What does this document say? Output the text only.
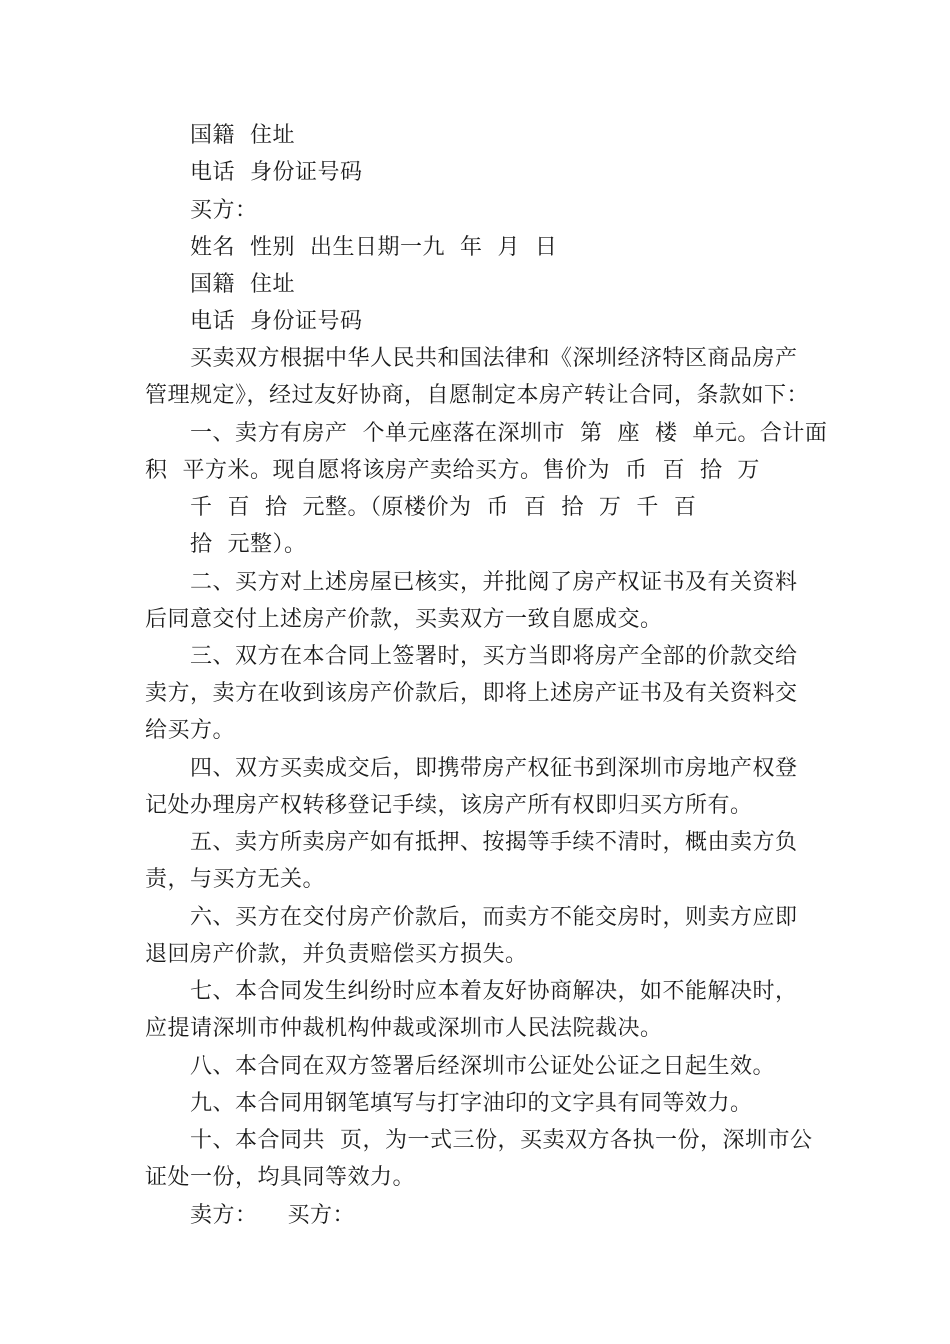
国籍  住址

电话  身份证号码

买方：

姓名  性别  出生日期一九  年  月  日

国籍  住址

电话  身份证号码

买卖双方根据中华人民共和国法律和《深圳经济特区商品房产

管理规定》，经过友好协商，自愿制定本房产转让合同，条款如下：

一、卖方有房产  个单元座落在深圳市  第  座  楼  单元。合计面

积  平方米。现自愿将该房产卖给买方。售价为  币  百  拾  万

千  百  拾  元整。（原楼价为  币  百  拾  万  千  百

拾  元整）。

二、买方对上述房屋已核实，并批阅了房产权证书及有关资料

后同意交付上述房产价款，买卖双方一致自愿成交。

三、双方在本合同上签署时，买方当即将房产全部的价款交给

卖方，卖方在收到该房产价款后，即将上述房产证书及有关资料交

给买方。

四、双方买卖成交后，即携带房产权征书到深圳市房地产权登

记处办理房产权转移登记手续，该房产所有权即归买方所有。

五、卖方所卖房产如有抵押、按揭等手续不清时，概由卖方负

责，与买方无关。

六、买方在交付房产价款后，而卖方不能交房时，则卖方应即

退回房产价款，并负责赔偿买方损失。

七、本合同发生纠纷时应本着友好协商解决，如不能解决时，

应提请深圳市仲裁机构仲裁或深圳市人民法院裁决。

八、本合同在双方签署后经深圳市公证处公证之日起生效。

九、本合同用钢笔填写与打字油印的文字具有同等效力。

十、本合同共  页，为一式三份，买卖双方各执一份，深圳市公

证处一份，均具同等效力。

卖方：    买方：
